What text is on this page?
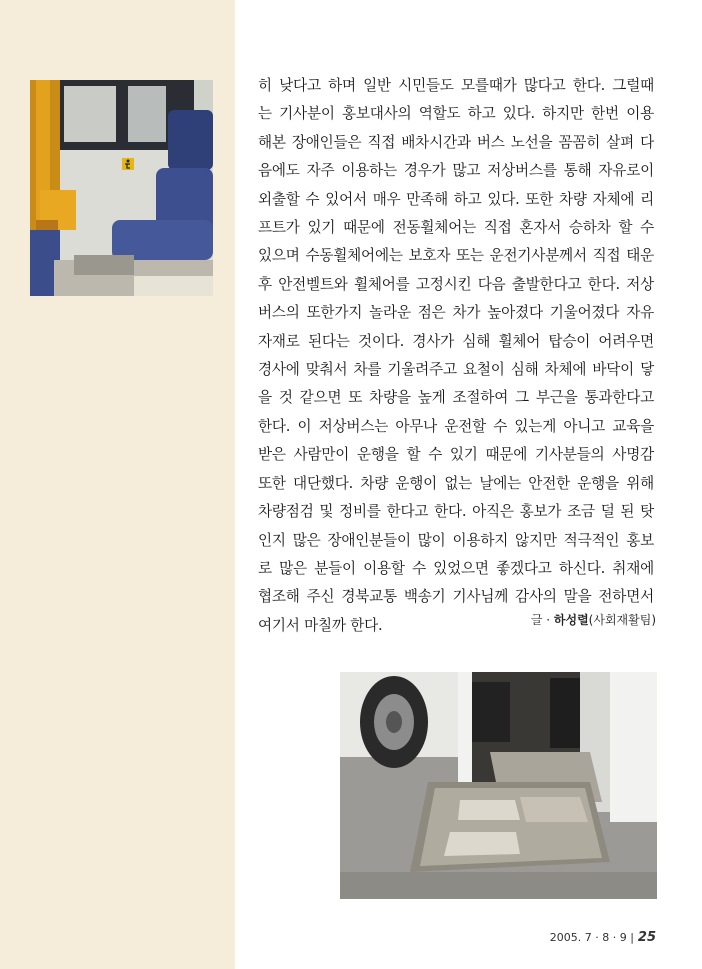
히 낮다고 하며 일반 시민들도 모를때가 많다고 한다. 그럴때
는 기사분이 홍보대사의 역할도 하고 있다. 하지만 한번 이용
해본 장애인들은 직접 배차시간과 버스 노선을 꼼꼼히 살펴 다
음에도 자주 이용하는 경우가 많고 저상버스를 통해 자유로이
외출할 수 있어서 매우 만족해 하고 있다. 또한 차량 자체에 리
프트가 있기 때문에 전동휠체어는 직접 혼자서 승하차 할 수
있으며 수동휠체어에는 보호자 또는 운전기사분께서 직접 태운
후 안전벨트와 휠체어를 고정시킨 다음 출발한다고 한다. 저상
버스의 또한가지 놀라운 점은 차가 높아졌다 기울어졌다 자유
자재로 된다는 것이다. 경사가 심해 휠체어 탑승이 어려우면
경사에 맞춰서 차를 기울려주고 요철이 심해 차체에 바닥이 닿
을 것 같으면 또 차량을 높게 조절하여 그 부근을 통과한다고
한다. 이 저상버스는 아무나 운전할 수 있는게 아니고 교육을
받은 사람만이 운행을 할 수 있기 때문에 기사분들의 사명감
또한 대단했다. 차량 운행이 없는 날에는 안전한 운행을 위해
차량점검 및 정비를 한다고 한다. 아직은 홍보가 조금 덜 된 탓
인지 많은 장애인분들이 많이 이용하지 않지만 적극적인 홍보
로 많은 분들이 이용할 수 있었으면 좋겠다고 하신다. 취재에
협조해 주신 경북교통 백송기 기사님께 감사의 말을 전하면서
여기서 마칠까 한다.	글 · 하성렬(사회재활팀)
2005. 7 · 8 · 9 | 25
